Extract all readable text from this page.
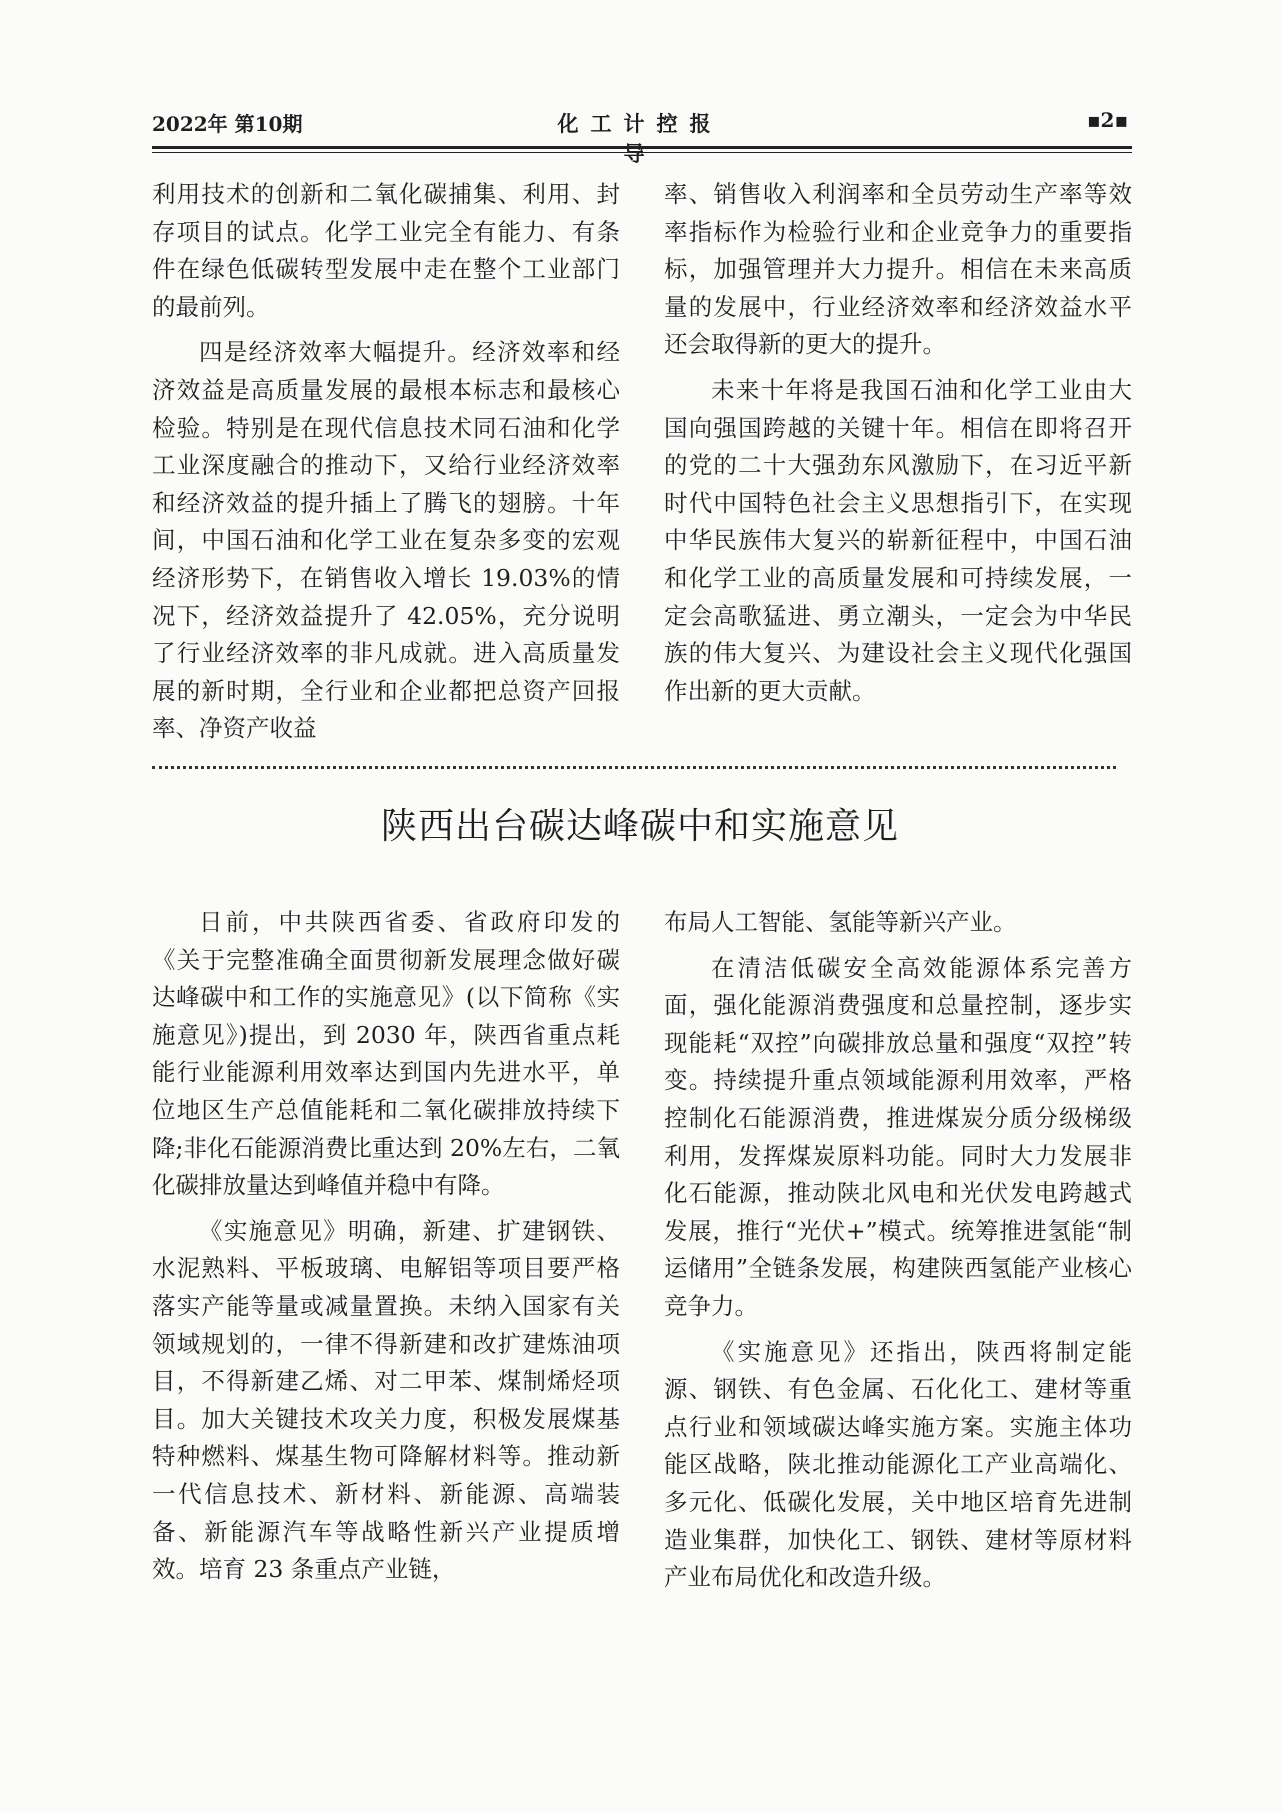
2022年 第10期	化工计控报导
▪2▪

利用技术的创新和二氧化碳捕集、利用、封存项目的试点。化学工业完全有能力、有条件在绿色低碳转型发展中走在整个工业部门的最前列。

四是经济效率大幅提升。经济效率和经济效益是高质量发展的最根本标志和最核心检验。特别是在现代信息技术同石油和化学工业深度融合的推动下，又给行业经济效率和经济效益的提升插上了腾飞的翅膀。十年间，中国石油和化学工业在复杂多变的宏观经济形势下，在销售收入增长 19.03%的情况下，经济效益提升了 42.05%，充分说明了行业经济效率的非凡成就。进入高质量发展的新时期，全行业和企业都把总资产回报率、净资产收益

率、销售收入利润率和全员劳动生产率等效率指标作为检验行业和企业竞争力的重要指标，加强管理并大力提升。相信在未来高质量的发展中，行业经济效率和经济效益水平还会取得新的更大的提升。

未来十年将是我国石油和化学工业由大国向强国跨越的关键十年。相信在即将召开的党的二十大强劲东风激励下，在习近平新时代中国特色社会主义思想指引下，在实现中华民族伟大复兴的崭新征程中，中国石油和化学工业的高质量发展和可持续发展，一定会高歌猛进、勇立潮头，一定会为中华民族的伟大复兴、为建设社会主义现代化强国作出新的更大贡献。

陕西出台碳达峰碳中和实施意见

日前，中共陕西省委、省政府印发的《关于完整准确全面贯彻新发展理念做好碳达峰碳中和工作的实施意见》(以下简称《实施意见》)提出，到 2030 年，陕西省重点耗能行业能源利用效率达到国内先进水平，单位地区生产总值能耗和二氧化碳排放持续下降;非化石能源消费比重达到 20%左右，二氧化碳排放量达到峰值并稳中有降。

《实施意见》明确，新建、扩建钢铁、水泥熟料、平板玻璃、电解铝等项目要严格落实产能等量或减量置换。未纳入国家有关领域规划的，一律不得新建和改扩建炼油项目，不得新建乙烯、对二甲苯、煤制烯烃项目。加大关键技术攻关力度，积极发展煤基特种燃料、煤基生物可降解材料等。推动新一代信息技术、新材料、新能源、高端装备、新能源汽车等战略性新兴产业提质增效。培育 23 条重点产业链，

布局人工智能、氢能等新兴产业。

在清洁低碳安全高效能源体系完善方面，强化能源消费强度和总量控制，逐步实现能耗“双控”向碳排放总量和强度“双控”转变。持续提升重点领域能源利用效率，严格控制化石能源消费，推进煤炭分质分级梯级利用，发挥煤炭原料功能。同时大力发展非化石能源，推动陕北风电和光伏发电跨越式发展，推行“光伏+”模式。统筹推进氢能“制运储用”全链条发展，构建陕西氢能产业核心竞争力。

《实施意见》还指出，陕西将制定能源、钢铁、有色金属、石化化工、建材等重点行业和领域碳达峰实施方案。实施主体功能区战略，陕北推动能源化工产业高端化、多元化、低碳化发展，关中地区培育先进制造业集群，加快化工、钢铁、建材等原材料产业布局优化和改造升级。
